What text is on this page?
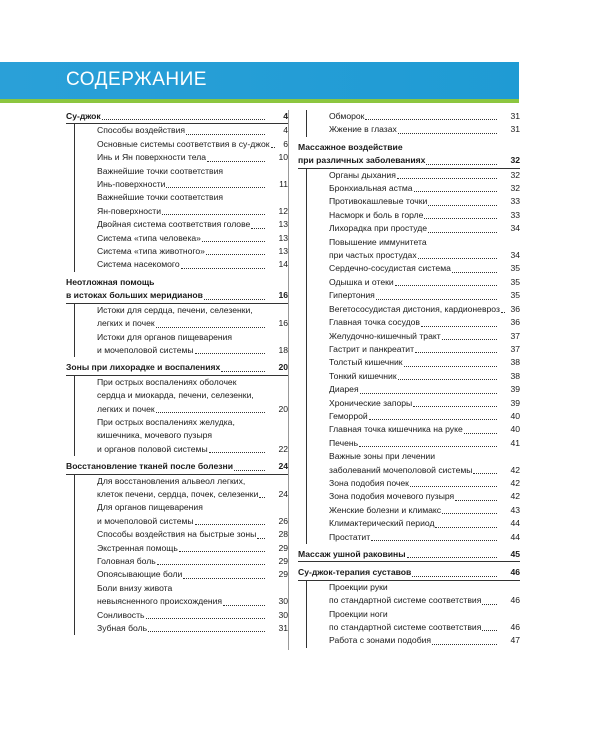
СОДЕРЖАНИЕ
Су-джок	4
Способы воздействия	4
Основные системы соответствия в су-джок 6
Инь и Ян поверхности тела	10
Важнейшие точки соответствия
Инь-поверхности	11
Важнейшие точки соответствия
Ян-поверхности	12
Двойная система соответствия голове	13
Система «типа человека»	13
Система «типа животного»	13
Система насекомого	14
Неотложная помощь
в истоках больших меридианов	16
Истоки для сердца, печени, селезенки,
легких и почек	16
Истоки для органов пищеварения
и мочеполовой системы	18
Зоны при лихорадке и воспалениях	20
При острых воспалениях оболочек
сердца и миокарда, печени, селезенки,
легких и почек	20
При острых воспалениях желудка,
кишечника, мочевого пузыря
и органов половой системы	22
Восстановление тканей после болезни	24
Для восстановления альвеол легких,
клеток печени, сердца, почек, селезенки 24
Для органов пищеварения
и мочеполовой системы	26
Способы воздействия на быстрые зоны	28
Экстренная помощь	29
Головная боль	29
Опоясывающие боли	29
Боли внизу живота
невыясненного происхождения	30
Сонливость	30
Зубная боль	31
Обморок	31
Жжение в глазах	31
Массажное воздействие
при различных заболеваниях	32
Органы дыхания	32
Бронхиальная астма	32
Противокашлевые точки	33
Насморк и боль в горле	33
Лихорадка при простуде	34
Повышение иммунитета
при частых простудах	34
Сердечно-сосудистая система	35
Одышка и отеки	35
Гипертония	35
Вегетососудистая дистония, кардионевроз 36
Главная точка сосудов	36
Желудочно-кишечный тракт	37
Гастрит и панкреатит	37
Толстый кишечник	38
Тонкий кишечник	38
Диарея	39
Хронические запоры	39
Геморрой	40
Главная точка кишечника на руке	40
Печень	41
Важные зоны при лечении
заболеваний мочеполовой системы	42
Зона подобия почек	42
Зона подобия мочевого пузыря	42
Женские болезни и климакс	43
Климактерический период	44
Простатит	44
Массаж ушной раковины	45
Су-джок-терапия суставов	46
Проекции руки
по стандартной системе соответствия	46
Проекции ноги
по стандартной системе соответствия	46
Работа с зонами подобия	47
